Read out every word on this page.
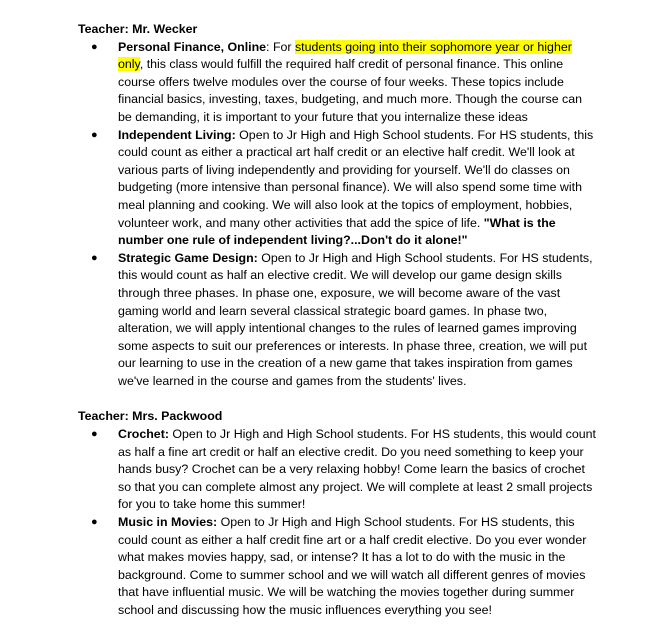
Teacher: Mr. Wecker

● Personal Finance, Online: For students going into their sophomore year or higher only, this class would fulfill the required half credit of personal finance. This online course offers twelve modules over the course of four weeks. These topics include financial basics, investing, taxes, budgeting, and much more. Though the course can be demanding, it is important to your future that you internalize these ideas
● Independent Living: Open to Jr High and High School students. For HS students, this could count as either a practical art half credit or an elective half credit. We'll look at various parts of living independently and providing for yourself. We'll do classes on budgeting (more intensive than personal finance). We will also spend some time with meal planning and cooking. We will also look at the topics of employment, hobbies, volunteer work, and many other activities that add the spice of life. "What is the number one rule of independent living?...Don't do it alone!"
● Strategic Game Design: Open to Jr High and High School students. For HS students, this would count as half an elective credit. We will develop our game design skills through three phases. In phase one, exposure, we will become aware of the vast gaming world and learn several classical strategic board games. In phase two, alteration, we will apply intentional changes to the rules of learned games improving some aspects to suit our preferences or interests. In phase three, creation, we will put our learning to use in the creation of a new game that takes inspiration from games we've learned in the course and games from the students' lives.

Teacher: Mrs. Packwood

● Crochet: Open to Jr High and High School students. For HS students, this would count as half a fine art credit or half an elective credit. Do you need something to keep your hands busy? Crochet can be a very relaxing hobby! Come learn the basics of crochet so that you can complete almost any project. We will complete at least 2 small projects for you to take home this summer!
● Music in Movies: Open to Jr High and High School students. For HS students, this could count as either a half credit fine art or a half credit elective. Do you ever wonder what makes movies happy, sad, or intense? It has a lot to do with the music in the background. Come to summer school and we will watch all different genres of movies that have influential music. We will be watching the movies together during summer school and discussing how the music influences everything you see!
